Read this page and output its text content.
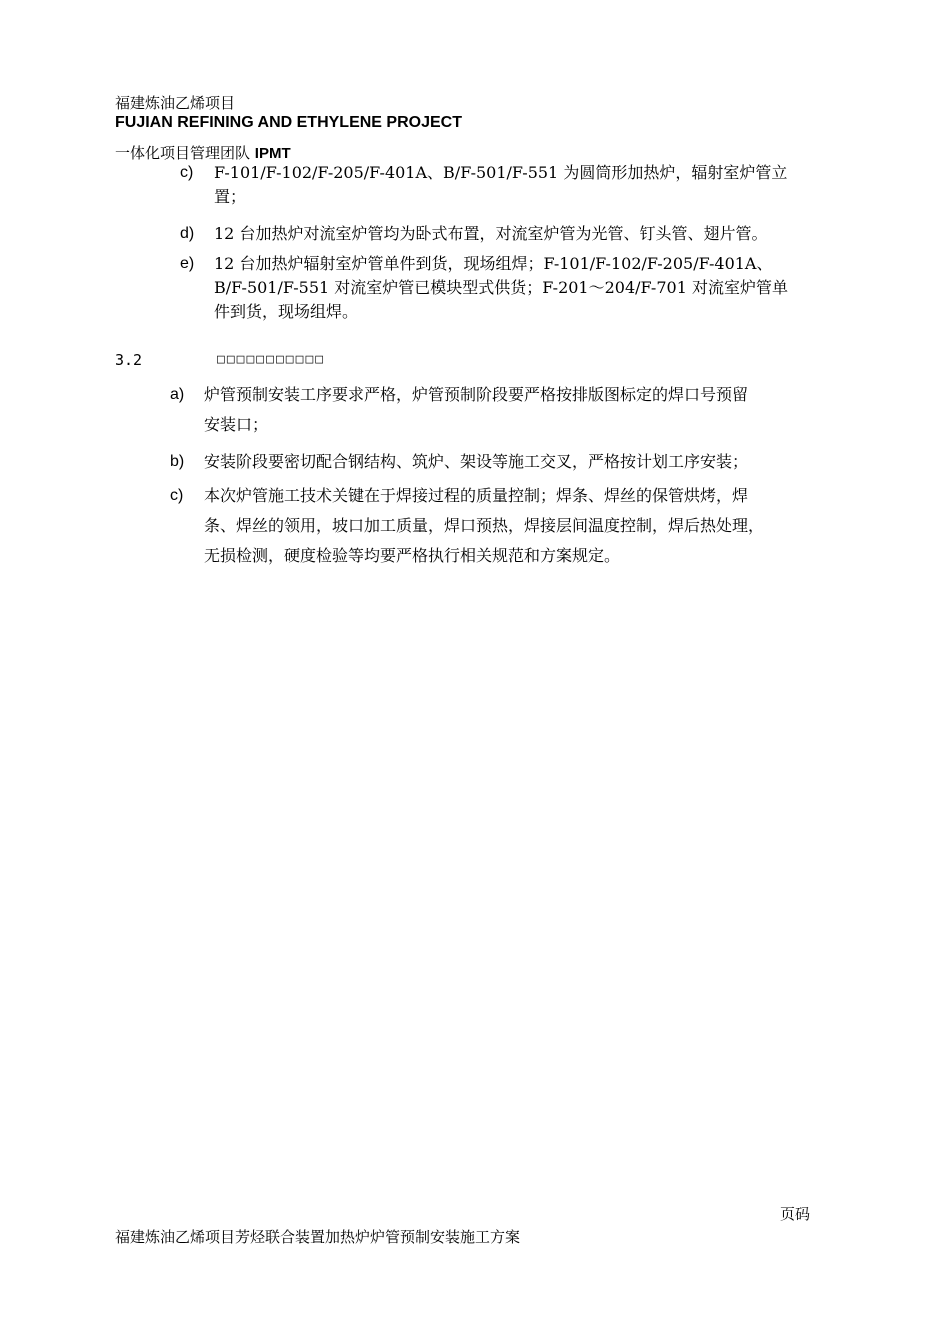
福建炼油乙烯项目
FUJIAN REFINING AND ETHYLENE PROJECT
一体化项目管理团队 IPMT
c) F-101/F-102/F-205/F-401A、B/F-501/F-551 为圆筒形加热炉，辐射室炉管立
置；
d) 12 台加热炉对流室炉管均为卧式布置，对流室炉管为光管、钉头管、翅片管。
e) 12 台加热炉辐射室炉管单件到货，现场组焊；F-101/F-102/F-205/F-401A、
B/F-501/F-551 对流室炉管已模块型式供货；F-201～204/F-701 对流室炉管单
件到货，现场组焊。
3.2	□□□□□□□□□□□
a) 炉管预制安装工序要求严格，炉管预制阶段要严格按排版图标定的焊口号预留
安装口；
b) 安装阶段要密切配合钢结构、筑炉、架设等施工交叉，严格按计划工序安装；
c) 本次炉管施工技术关键在于焊接过程的质量控制；焊条、焊丝的保管烘烤，焊
条、焊丝的领用，坡口加工质量，焊口预热，焊接层间温度控制，焊后热处理，
无损检测，硬度检验等均要严格执行相关规范和方案规定。
页码
福建炼油乙烯项目芳烃联合装置加热炉炉管预制安装施工方案
